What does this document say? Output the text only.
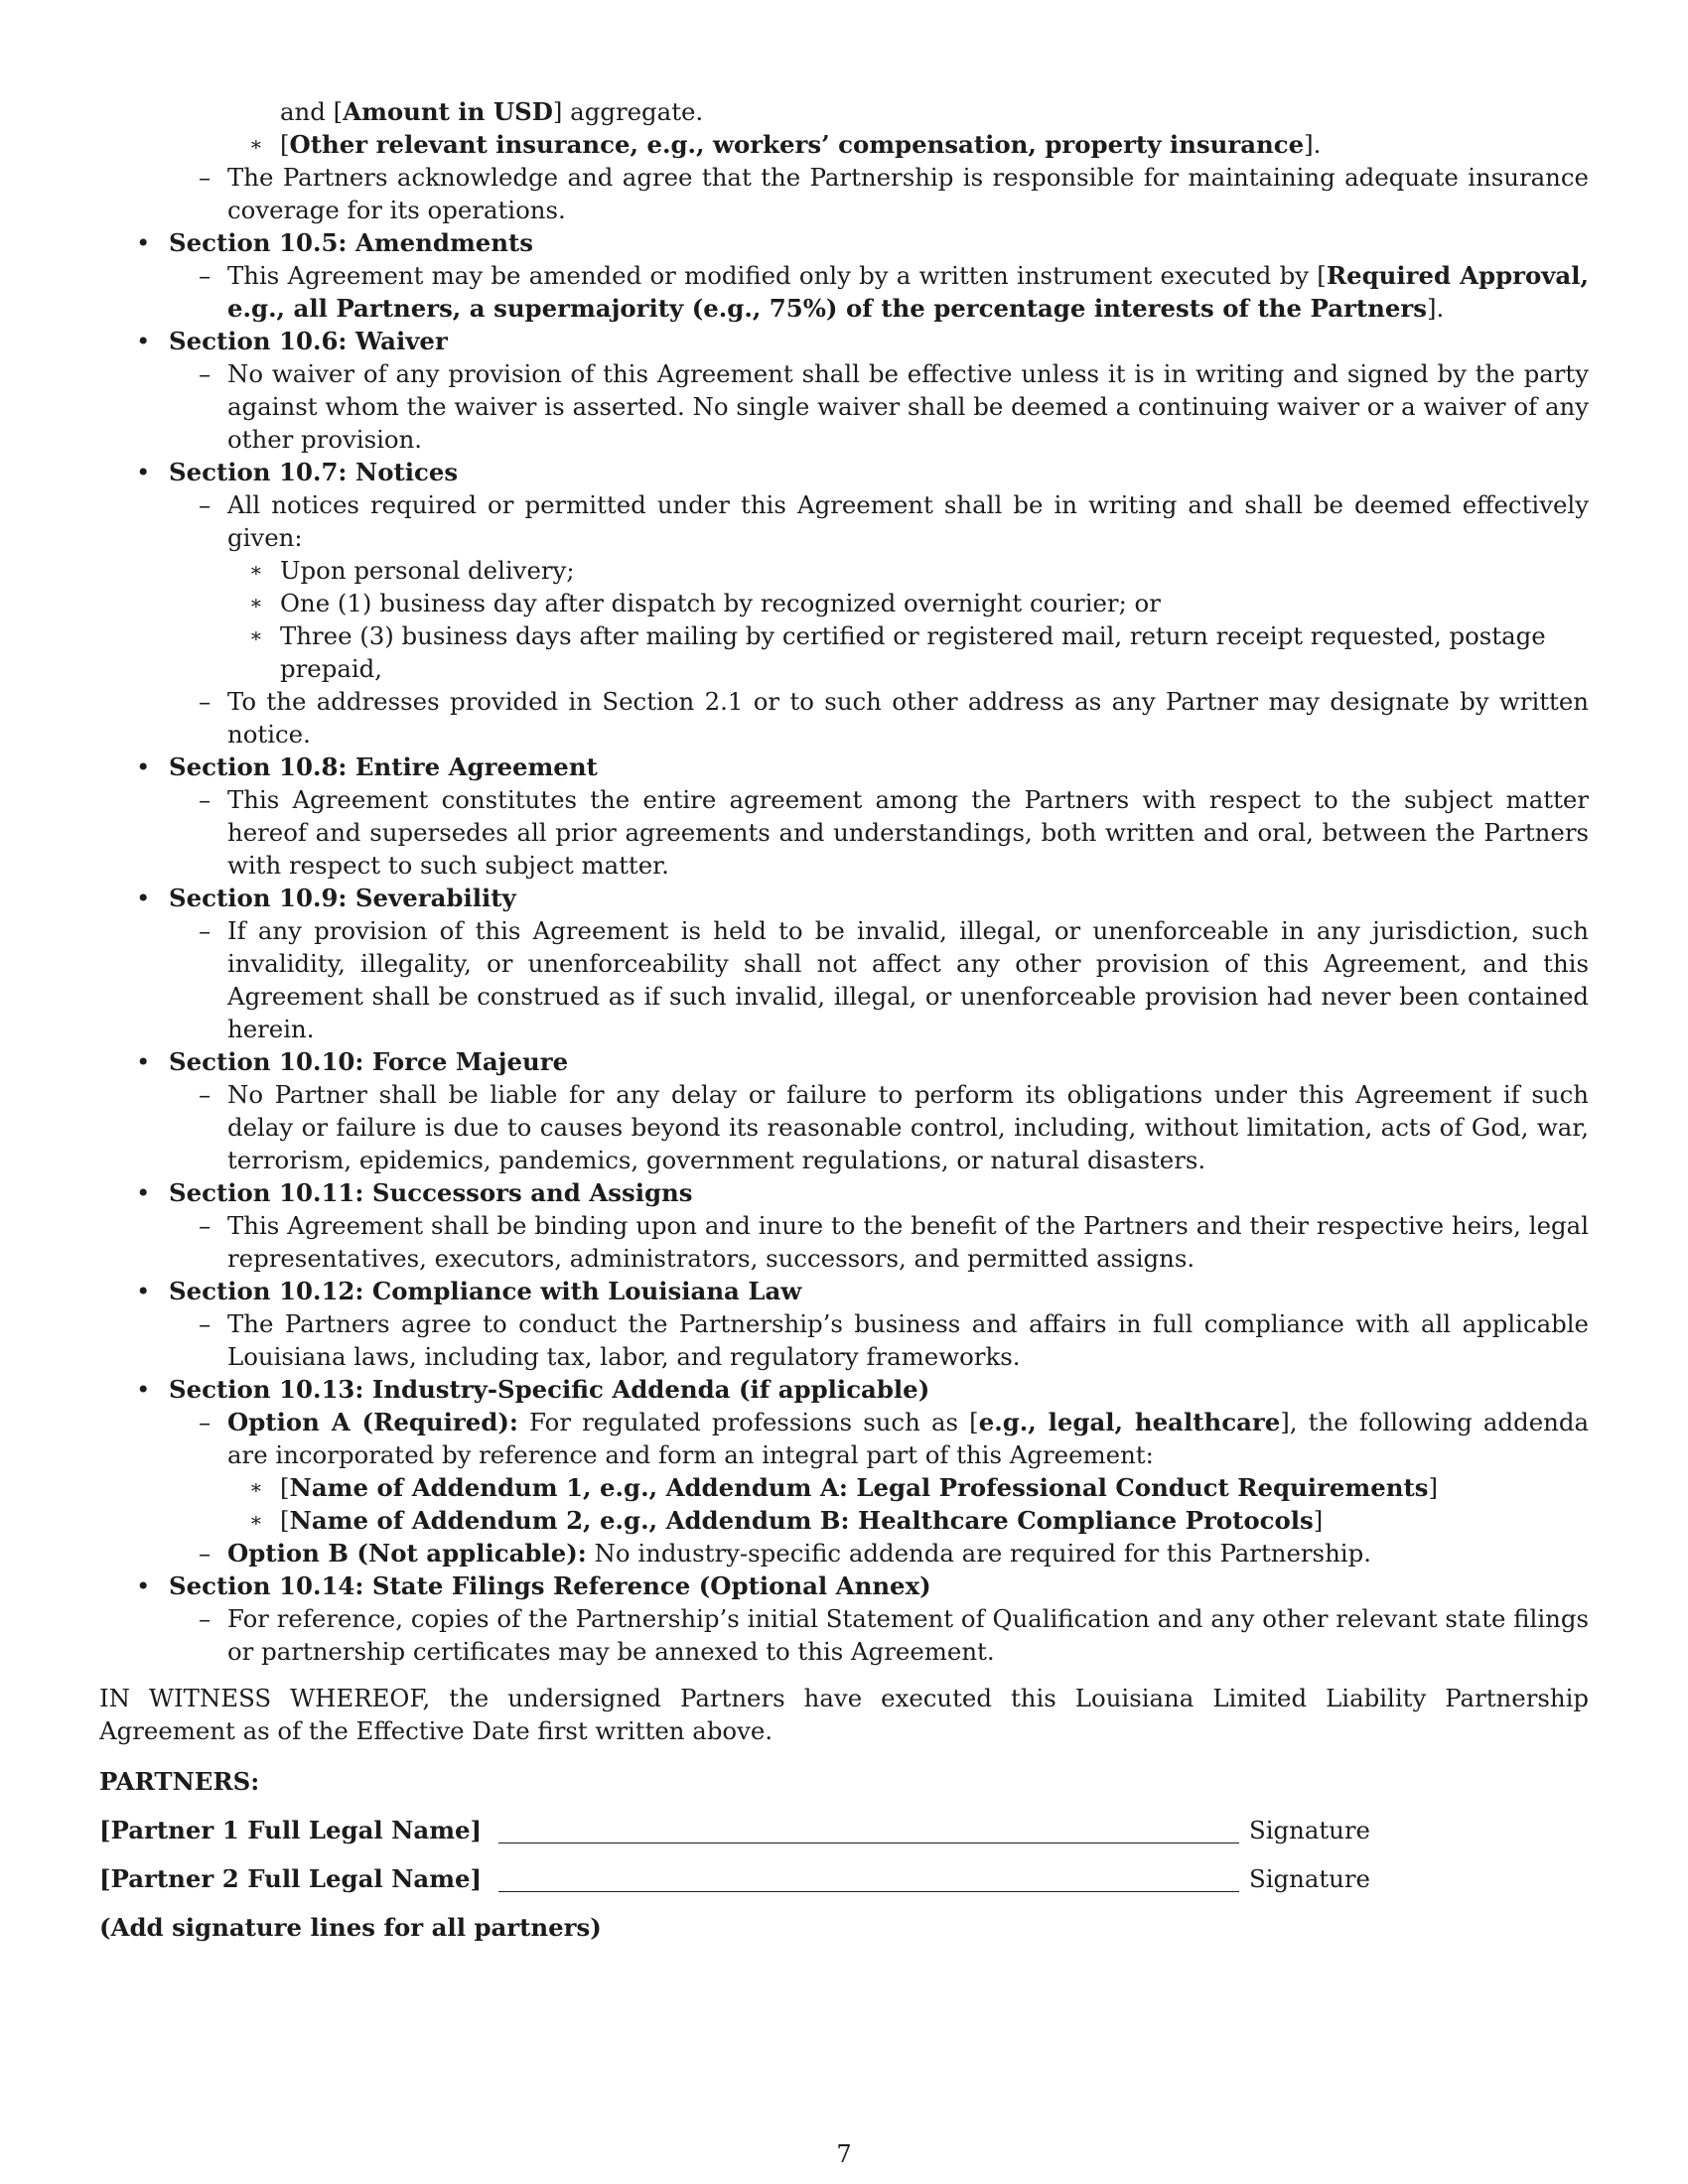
and [Amount in USD] aggregate.
∗ [Other relevant insurance, e.g., workers’ compensation, property insurance].
– The Partners acknowledge and agree that the Partnership is responsible for maintaining adequate insurance coverage for its operations.
• Section 10.5: Amendments
– This Agreement may be amended or modified only by a written instrument executed by [Required Approval, e.g., all Partners, a supermajority (e.g., 75%) of the percentage interests of the Partners].
• Section 10.6: Waiver
– No waiver of any provision of this Agreement shall be effective unless it is in writing and signed by the party against whom the waiver is asserted. No single waiver shall be deemed a continuing waiver or a waiver of any other provision.
• Section 10.7: Notices
– All notices required or permitted under this Agreement shall be in writing and shall be deemed effectively given:
∗ Upon personal delivery;
∗ One (1) business day after dispatch by recognized overnight courier; or
∗ Three (3) business days after mailing by certified or registered mail, return receipt requested, postage prepaid,
– To the addresses provided in Section 2.1 or to such other address as any Partner may designate by written notice.
• Section 10.8: Entire Agreement
– This Agreement constitutes the entire agreement among the Partners with respect to the subject matter hereof and supersedes all prior agreements and understandings, both written and oral, between the Partners with respect to such subject matter.
• Section 10.9: Severability
– If any provision of this Agreement is held to be invalid, illegal, or unenforceable in any jurisdiction, such invalidity, illegality, or unenforceability shall not affect any other provision of this Agreement, and this Agreement shall be construed as if such invalid, illegal, or unenforceable provision had never been contained herein.
• Section 10.10: Force Majeure
– No Partner shall be liable for any delay or failure to perform its obligations under this Agreement if such delay or failure is due to causes beyond its reasonable control, including, without limitation, acts of God, war, terrorism, epidemics, pandemics, government regulations, or natural disasters.
• Section 10.11: Successors and Assigns
– This Agreement shall be binding upon and inure to the benefit of the Partners and their respective heirs, legal representatives, executors, administrators, successors, and permitted assigns.
• Section 10.12: Compliance with Louisiana Law
– The Partners agree to conduct the Partnership’s business and affairs in full compliance with all applicable Louisiana laws, including tax, labor, and regulatory frameworks.
• Section 10.13: Industry-Specific Addenda (if applicable)
– Option A (Required): For regulated professions such as [e.g., legal, healthcare], the following addenda are incorporated by reference and form an integral part of this Agreement:
∗ [Name of Addendum 1, e.g., Addendum A: Legal Professional Conduct Requirements]
∗ [Name of Addendum 2, e.g., Addendum B: Healthcare Compliance Protocols]
– Option B (Not applicable): No industry-specific addenda are required for this Partnership.
• Section 10.14: State Filings Reference (Optional Annex)
– For reference, copies of the Partnership’s initial Statement of Qualification and any other relevant state filings or partnership certificates may be annexed to this Agreement.
IN WITNESS WHEREOF, the undersigned Partners have executed this Louisiana Limited Liability Partnership Agreement as of the Effective Date first written above.
PARTNERS:
[Partner 1 Full Legal Name]	Signature
[Partner 2 Full Legal Name]	Signature
(Add signature lines for all partners)
7
